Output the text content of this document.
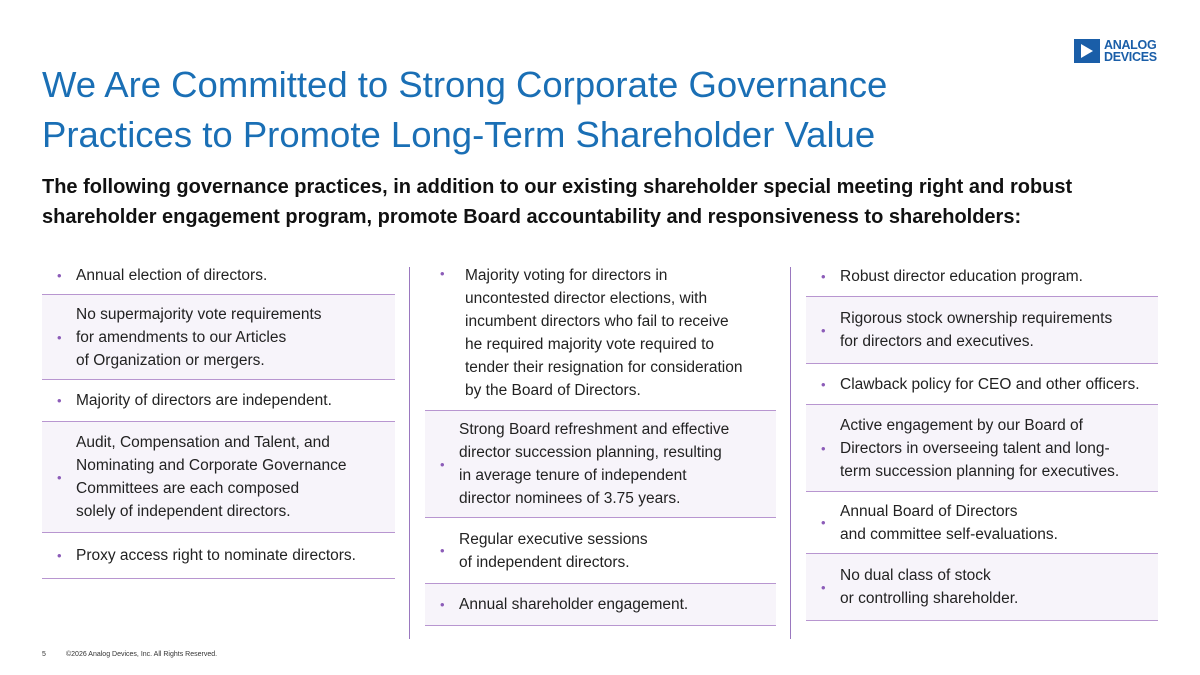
ANALOG
DEVICES
We Are Committed to Strong Corporate Governance
Practices to Promote Long-Term Shareholder Value

The following governance practices, in addition to our existing shareholder special meeting right and robust
shareholder engagement program, promote Board accountability and responsiveness to shareholders:

• Annual election of directors.
•
No supermajority vote requirements
for amendments to our Articles
of Organization or mergers.
• Majority of directors are independent.
•
Audit, Compensation and Talent, and
Nominating and Corporate Governance
Committees are each composed
solely of independent directors.
• Proxy access right to nominate directors.
• Majority voting for directors in
uncontested director elections, with
incumbent directors who fail to receive
he required majority vote required to
tender their resignation for consideration
by the Board of Directors.
•
Strong Board refreshment and effective
director succession planning, resulting
in average tenure of independent
director nominees of 3.75 years.
•
Regular executive sessions
of independent directors.
• Annual shareholder engagement.
• Robust director education program.
•
Rigorous stock ownership requirements
for directors and executives.
• Clawback policy for CEO and other officers.
•
Active engagement by our Board of
Directors in overseeing talent and long-
term succession planning for executives.
•
Annual Board of Directors
and committee self-evaluations.
•
No dual class of stock
or controlling shareholder.
5	©2026 Analog Devices, Inc. All Rights Reserved.
